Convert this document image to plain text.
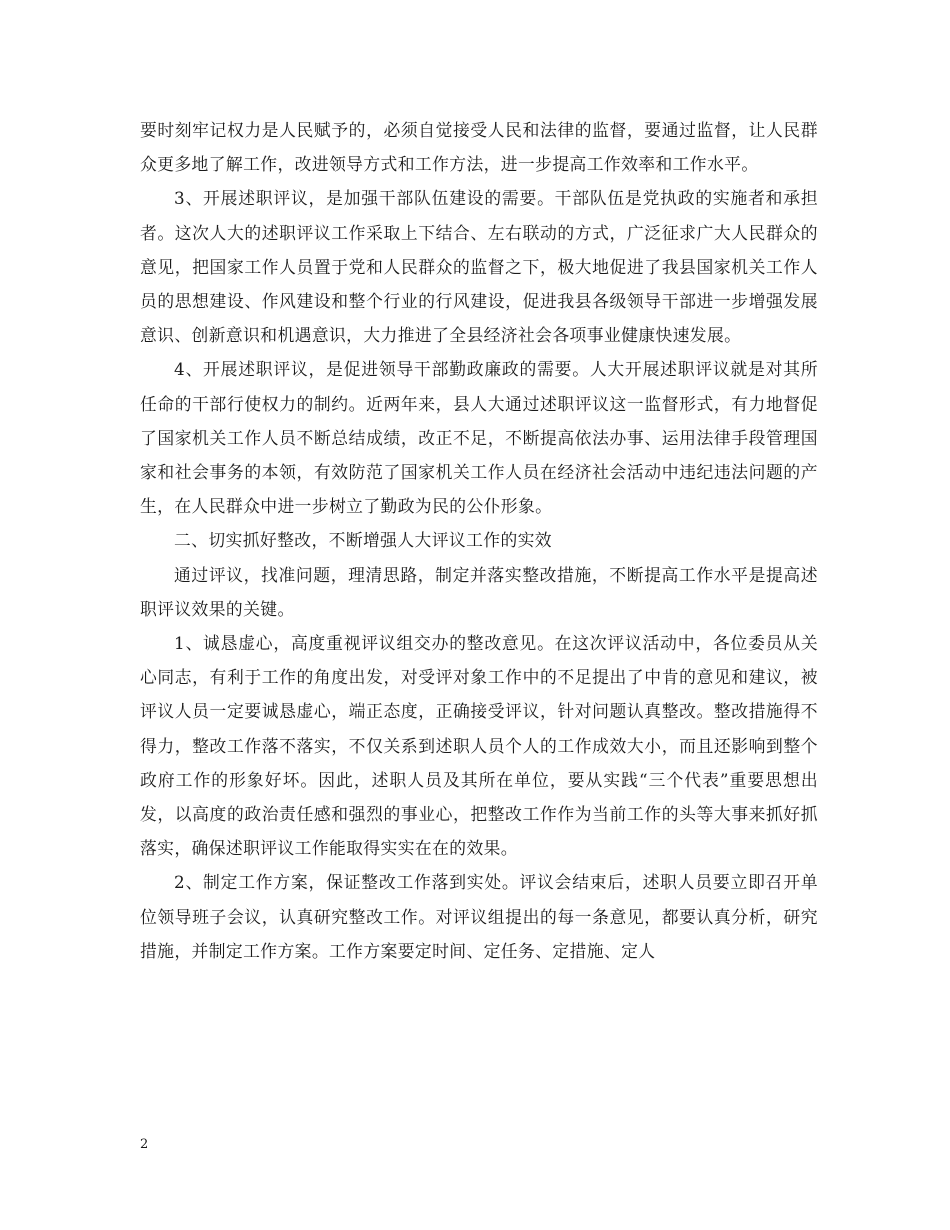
要时刻牢记权力是人民赋予的，必须自觉接受人民和法律的监督，要通过监督，让人民群众更多地了解工作，改进领导方式和工作方法，进一步提高工作效率和工作水平。

3、开展述职评议，是加强干部队伍建设的需要。干部队伍是党执政的实施者和承担者。这次人大的述职评议工作采取上下结合、左右联动的方式，广泛征求广大人民群众的意见，把国家工作人员置于党和人民群众的监督之下，极大地促进了我县国家机关工作人员的思想建设、作风建设和整个行业的行风建设，促进我县各级领导干部进一步增强发展意识、创新意识和机遇意识，大力推进了全县经济社会各项事业健康快速发展。

4、开展述职评议，是促进领导干部勤政廉政的需要。人大开展述职评议就是对其所任命的干部行使权力的制约。近两年来，县人大通过述职评议这一监督形式，有力地督促了国家机关工作人员不断总结成绩，改正不足，不断提高依法办事、运用法律手段管理国家和社会事务的本领，有效防范了国家机关工作人员在经济社会活动中违纪违法问题的产生，在人民群众中进一步树立了勤政为民的公仆形象。

二、切实抓好整改，不断增强人大评议工作的实效

通过评议，找准问题，理清思路，制定并落实整改措施，不断提高工作水平是提高述职评议效果的关键。

1、诚恳虚心，高度重视评议组交办的整改意见。在这次评议活动中，各位委员从关心同志，有利于工作的角度出发，对受评对象工作中的不足提出了中肯的意见和建议，被评议人员一定要诚恳虚心，端正态度，正确接受评议，针对问题认真整改。整改措施得不得力，整改工作落不落实，不仅关系到述职人员个人的工作成效大小，而且还影响到整个政府工作的形象好坏。因此，述职人员及其所在单位，要从实践“三个代表”重要思想出发，以高度的政治责任感和强烈的事业心，把整改工作作为当前工作的头等大事来抓好抓落实，确保述职评议工作能取得实实在在的效果。

2、制定工作方案，保证整改工作落到实处。评议会结束后，述职人员要立即召开单位领导班子会议，认真研究整改工作。对评议组提出的每一条意见，都要认真分析，研究措施，并制定工作方案。工作方案要定时间、定任务、定措施、定人

2
